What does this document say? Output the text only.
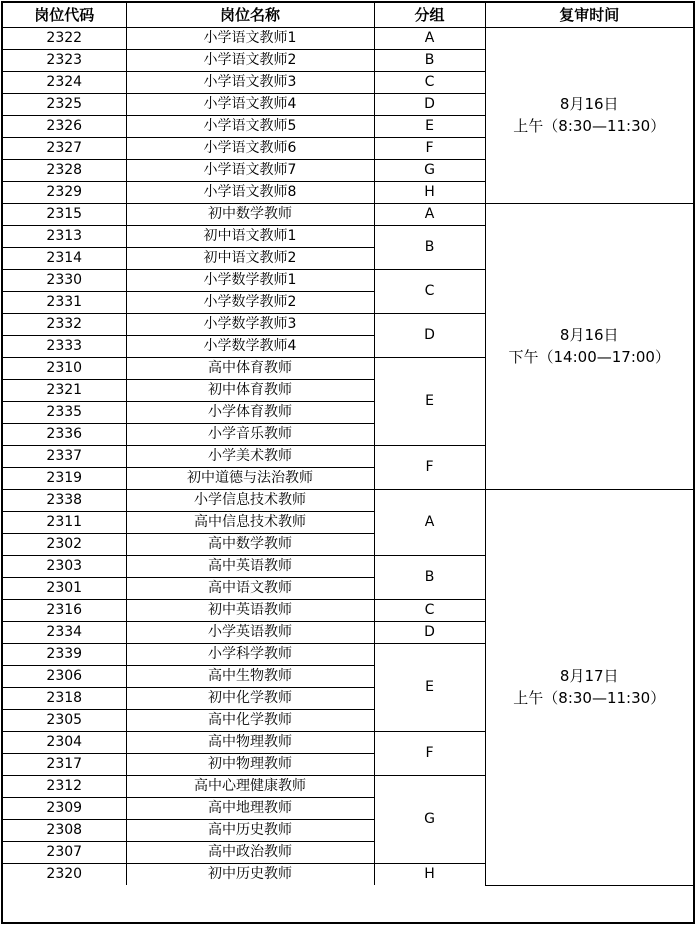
岗位代码	岗位名称	分组	复审时间
2322	小学语文教师1	A	8月16日
上午（8:30—11:30）

2323	小学语文教师2	B	
2324	小学语文教师3	C	
2325	小学语文教师4	D	
2326	小学语文教师5	E	
2327	小学语文教师6	F	
2328	小学语文教师7	G	
2329	小学语文教师8	H	
2315	初中数学教师	A	8月16日
下午（14:00—17:00）

2313	初中语文教师1	B	
2314	初中语文教师2		
2330	小学数学教师1	C	
2331	小学数学教师2		
2332	小学数学教师3	D	
2333	小学数学教师4		
2310	高中体育教师	E	
2321	初中体育教师		
2335	小学体育教师		
2336	小学音乐教师		
2337	小学美术教师	F	
2319	初中道德与法治教师		
2338	小学信息技术教师	A	8月17日
上午（8:30—11:30）

2311	高中信息技术教师		
2302	高中数学教师		
2303	高中英语教师	B	
2301	高中语文教师		
2316	初中英语教师	C	
2334	小学英语教师	D	
2339	小学科学教师	E	
2306	高中生物教师		
2318	初中化学教师		
2305	高中化学教师		
2304	高中物理教师	F	
2317	初中物理教师		
2312	高中心理健康教师	G	
2309	高中地理教师		
2308	高中历史教师		
2307	高中政治教师		
2320	初中历史教师	H	
